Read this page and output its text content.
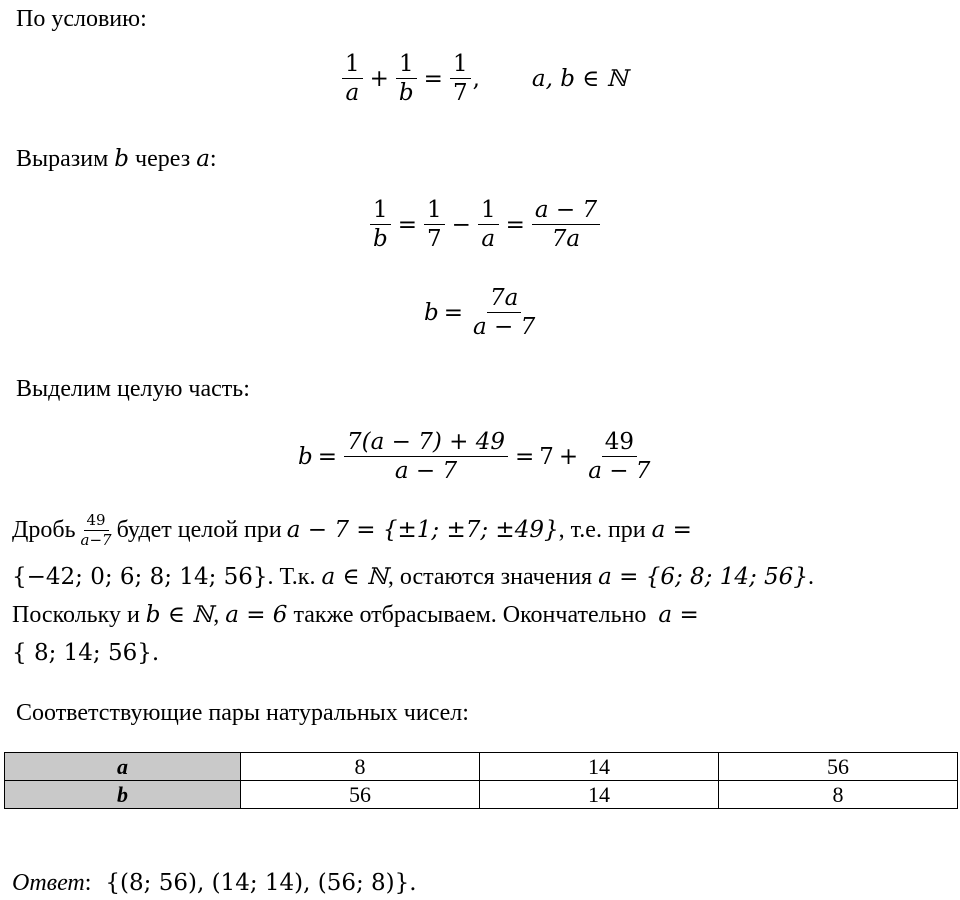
По условию:
$\frac{1}{a} + \frac{1}{b} = \frac{1}{7}$ , a, b ∈ ℕ
Выразим b через a:
$\frac{1}{b} = \frac{1}{7} - \frac{1}{a} = \frac{a - 7}{7a}$
$b = \frac{7a}{a - 7}$
Выделим целую часть:
$b = \frac{7(a - 7) + 49}{a - 7} = 7 + \frac{49}{a - 7}$
Дробь $\frac{49}{a-7}$ будет целой при a − 7 = {±1; ±7; ±49} , т.е. при a =
{−42; 0; 6; 8; 14; 56}. Т.к. a ∈ ℕ, остаются значения a = {6; 8; 14; 56}.
Поскольку и b ∈ ℕ, a = 6 также отбрасываем. Окончательно a =
{ 8; 14; 56}.
Соответствующие пары натуральных чисел:
a	8	14	56
b	56	14	8
Ответ: {(8; 56), (14; 14), (56; 8)}.
